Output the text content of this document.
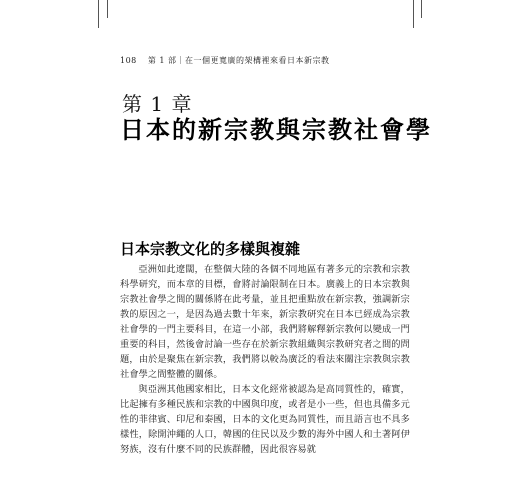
108 第 1 部｜在一個更寬廣的架構裡來看日本新宗教
第 1 章
日本的新宗教與宗教社會學
日本宗教文化的多樣與複雜

亞洲如此遼闊，在整個大陸的各個不同地區有著多元的宗教和宗教科學研究，而本章的目標，會將討論限制在日本。廣義上的日本宗教與宗教社會學之間的關係將在此考量，並且把重點放在新宗教，強調新宗教的原因之一，是因為過去數十年來，新宗教研究在日本已經成為宗教社會學的一門主要科目，在這一小部，我們將解釋新宗教何以變成一門重要的科目，然後會討論一些存在於新宗教組織與宗教研究者之間的問題，由於是聚焦在新宗教，我們將以較為廣泛的看法來關注宗教與宗教社會學之間整體的關係。

與亞洲其他國家相比，日本文化經常被認為是高同質性的，確實，比起擁有多種民族和宗教的中國與印度，或者是小一些，但也具備多元性的菲律賓、印尼和泰國，日本的文化更為同質性，而且語言也不具多樣性，除開沖繩的人口，韓國的住民以及少數的海外中國人和土著阿伊努族，沒有什麼不同的民族群體，因此很容易就
